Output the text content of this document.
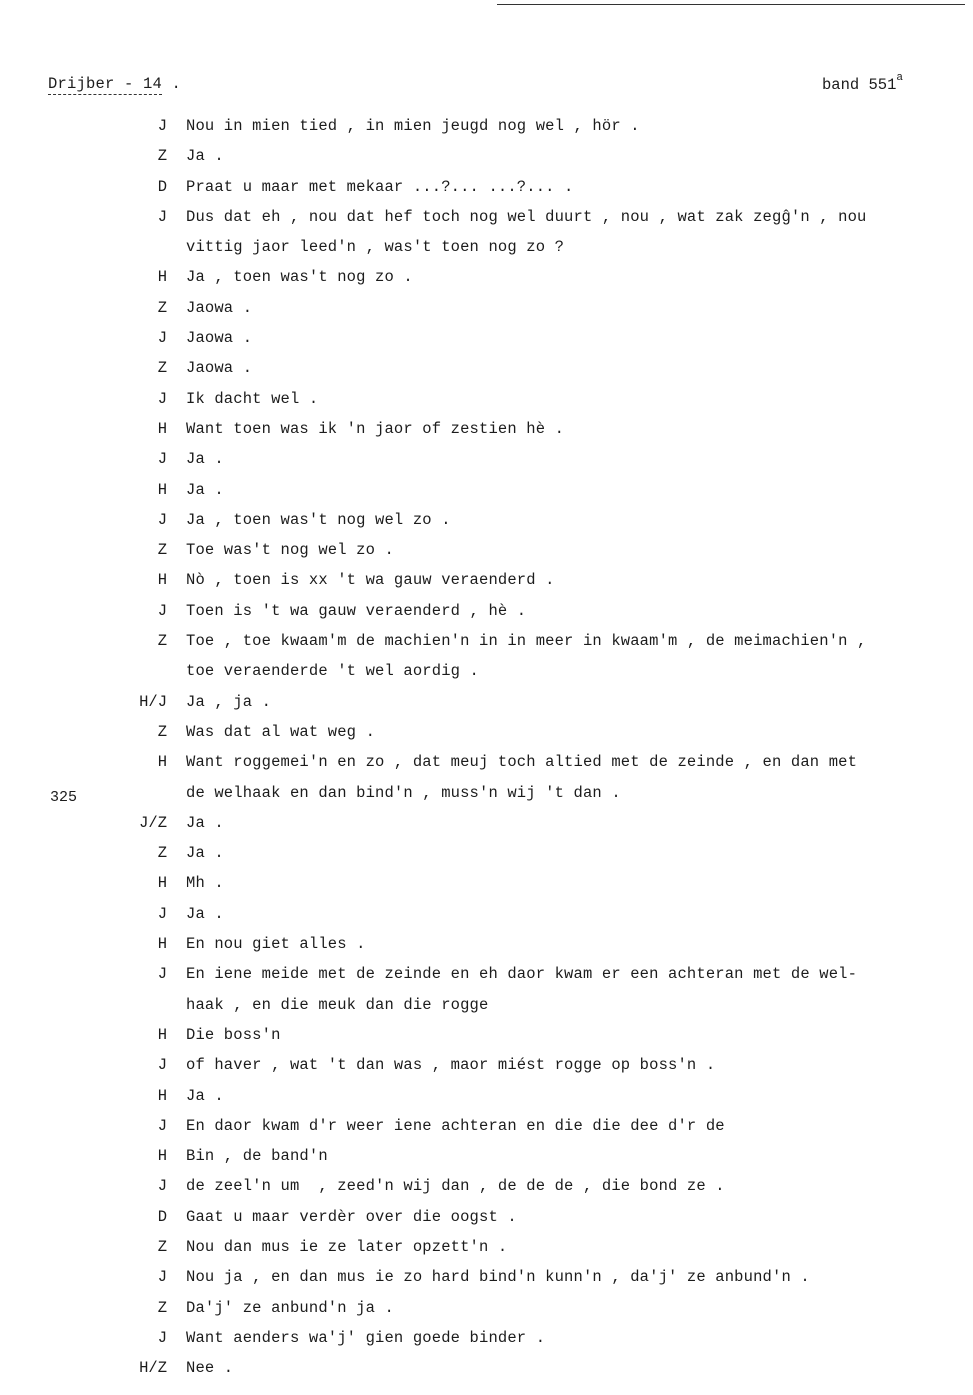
Drijber - 14 .	band 551$^a$
325
J Nou in mien tied , in mien jeugd nog wel , hör .
Z Ja .
D Praat u maar met mekaar ...?... ...?... .
J Dus dat eh , nou dat hef toch nog wel duurt , nou , wat zak zegĝ'n , nou
vittig jaor leed'n , was't toen nog zo ?
H Ja , toen was't nog zo .
Z Jaowa .
J Jaowa .
Z Jaowa .
J Ik dacht wel .
H Want toen was ik 'n jaor of zestien hè .
J Ja .
H Ja .
J Ja , toen was't nog wel zo .
Z Toe was't nog wel zo .
H Nò , toen is xx 't wa gauw veraenderd .
J Toen is 't wa gauw veraenderd , hè .
Z Toe , toe kwaam'm de machien'n in in meer in kwaam'm , de meimachien'n ,
toe veraenderde 't wel aordig .
H/J Ja , ja .
Z Was dat al wat weg .
H Want roggemei'n en zo , dat meuj toch altied met de zeinde , en dan met
de welhaak en dan bind'n , muss'n wij 't dan .
J/Z Ja .
Z Ja .
H Mh .
J Ja .
H En nou giet alles .
J En iene meide met de zeinde en eh daor kwam er een achteran met de wel-
haak , en die meuk dan die rogge
H Die boss'n
J of haver , wat 't dan was , maor miést rogge op boss'n .
H Ja .
J En daor kwam d'r weer iene achteran en die die dee d'r de
H Bin , de band'n
J de zeel'n um  , zeed'n wij dan , de de de , die bond ze .
D Gaat u maar verdèr over die oogst .
Z Nou dan mus ie ze later opzett'n .
J Nou ja , en dan mus ie zo hard bind'n kunn'n , da'j' ze anbund'n .
Z Da'j' ze anbund'n ja .
J Want aenders wa'j' gien goede binder .
H/Z Nee .
